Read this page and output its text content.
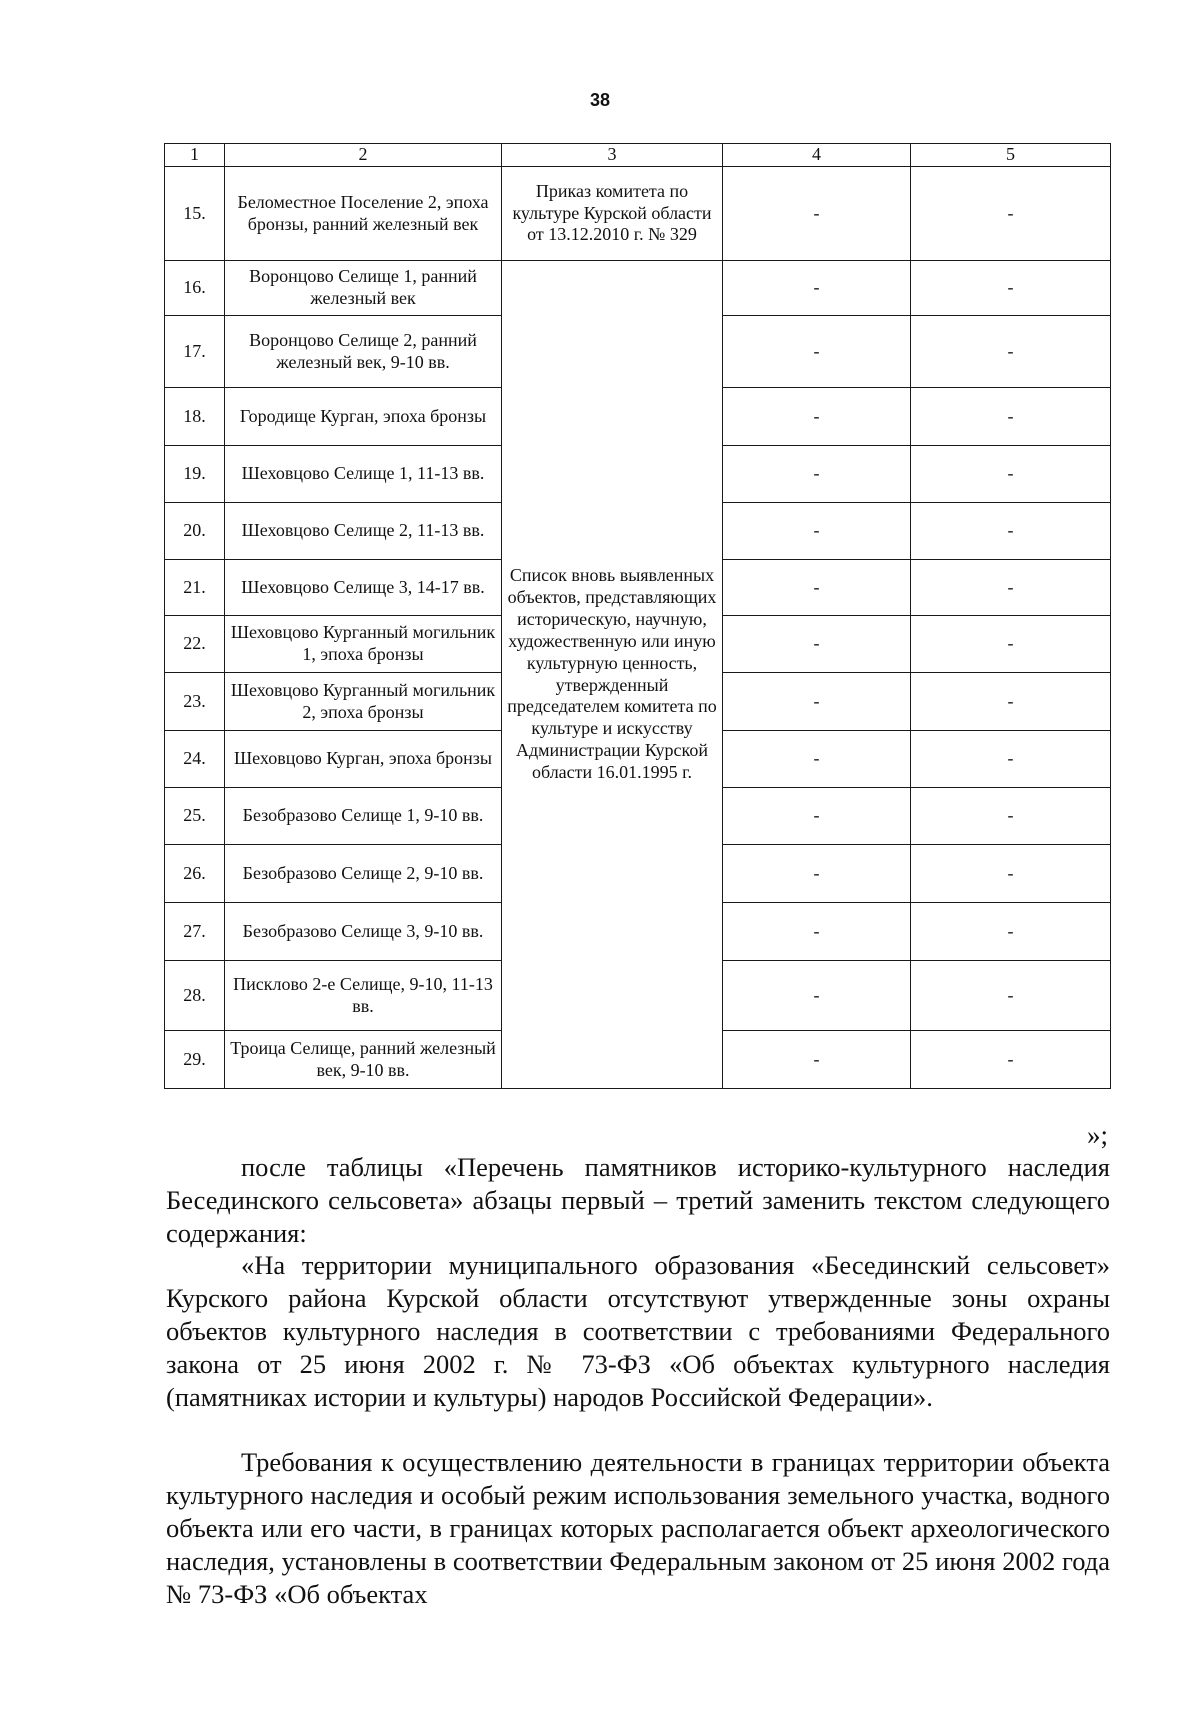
38
1	2	3	4	5
15.	Беломестное Поселение 2, эпоха бронзы, ранний железный век	Приказ комитета по культуре Курской области от 13.12.2010 г. № 329	-	-
16.	Воронцово Селище 1, ранний железный век	Список вновь выявленных объектов, представляющих историческую, научную, художественную или иную культурную ценность, утвержденный председателем комитета по культуре и искусству Администрации Курской области 16.01.1995 г.	-	-
17.	Воронцово Селище 2, ранний железный век, 9-10 вв.		-	-
18.	Городище Курган, эпоха бронзы		-	-
19.	Шеховцово Селище 1, 11-13 вв.		-	-
20.	Шеховцово Селище 2, 11-13 вв.		-	-
21.	Шеховцово Селище 3, 14-17 вв.		-	-
22.	Шеховцово Курганный могильник 1, эпоха бронзы		-	-
23.	Шеховцово Курганный могильник 2, эпоха бронзы		-	-
24.	Шеховцово Курган, эпоха бронзы		-	-
25.	Безобразово Селище 1, 9-10 вв.		-	-
26.	Безобразово Селище 2, 9-10 вв.		-	-
27.	Безобразово Селище 3, 9-10 вв.		-	-
28.	Писклово 2-е Селище, 9-10, 11-13 вв.		-	-
29.	Троица Селище, ранний железный век, 9-10 вв.		-	-
»;

после таблицы «Перечень памятников историко-культурного наследия Бесединского сельсовета» абзацы первый – третий заменить текстом следующего содержания:

«На территории муниципального образования «Бесединский сельсовет» Курского района Курской области отсутствуют утвержденные зоны охраны объектов культурного наследия в соответствии с требованиями Федерального закона от 25 июня 2002 г. № 73-ФЗ «Об объектах культурного наследия (памятниках истории и культуры) народов Российской Федерации».

Требования к осуществлению деятельности в границах территории объекта культурного наследия и особый режим использования земельного участка, водного объекта или его части, в границах которых располагается объект археологического наследия, установлены в соответствии Федеральным законом от 25 июня 2002 года № 73-ФЗ «Об объектах
